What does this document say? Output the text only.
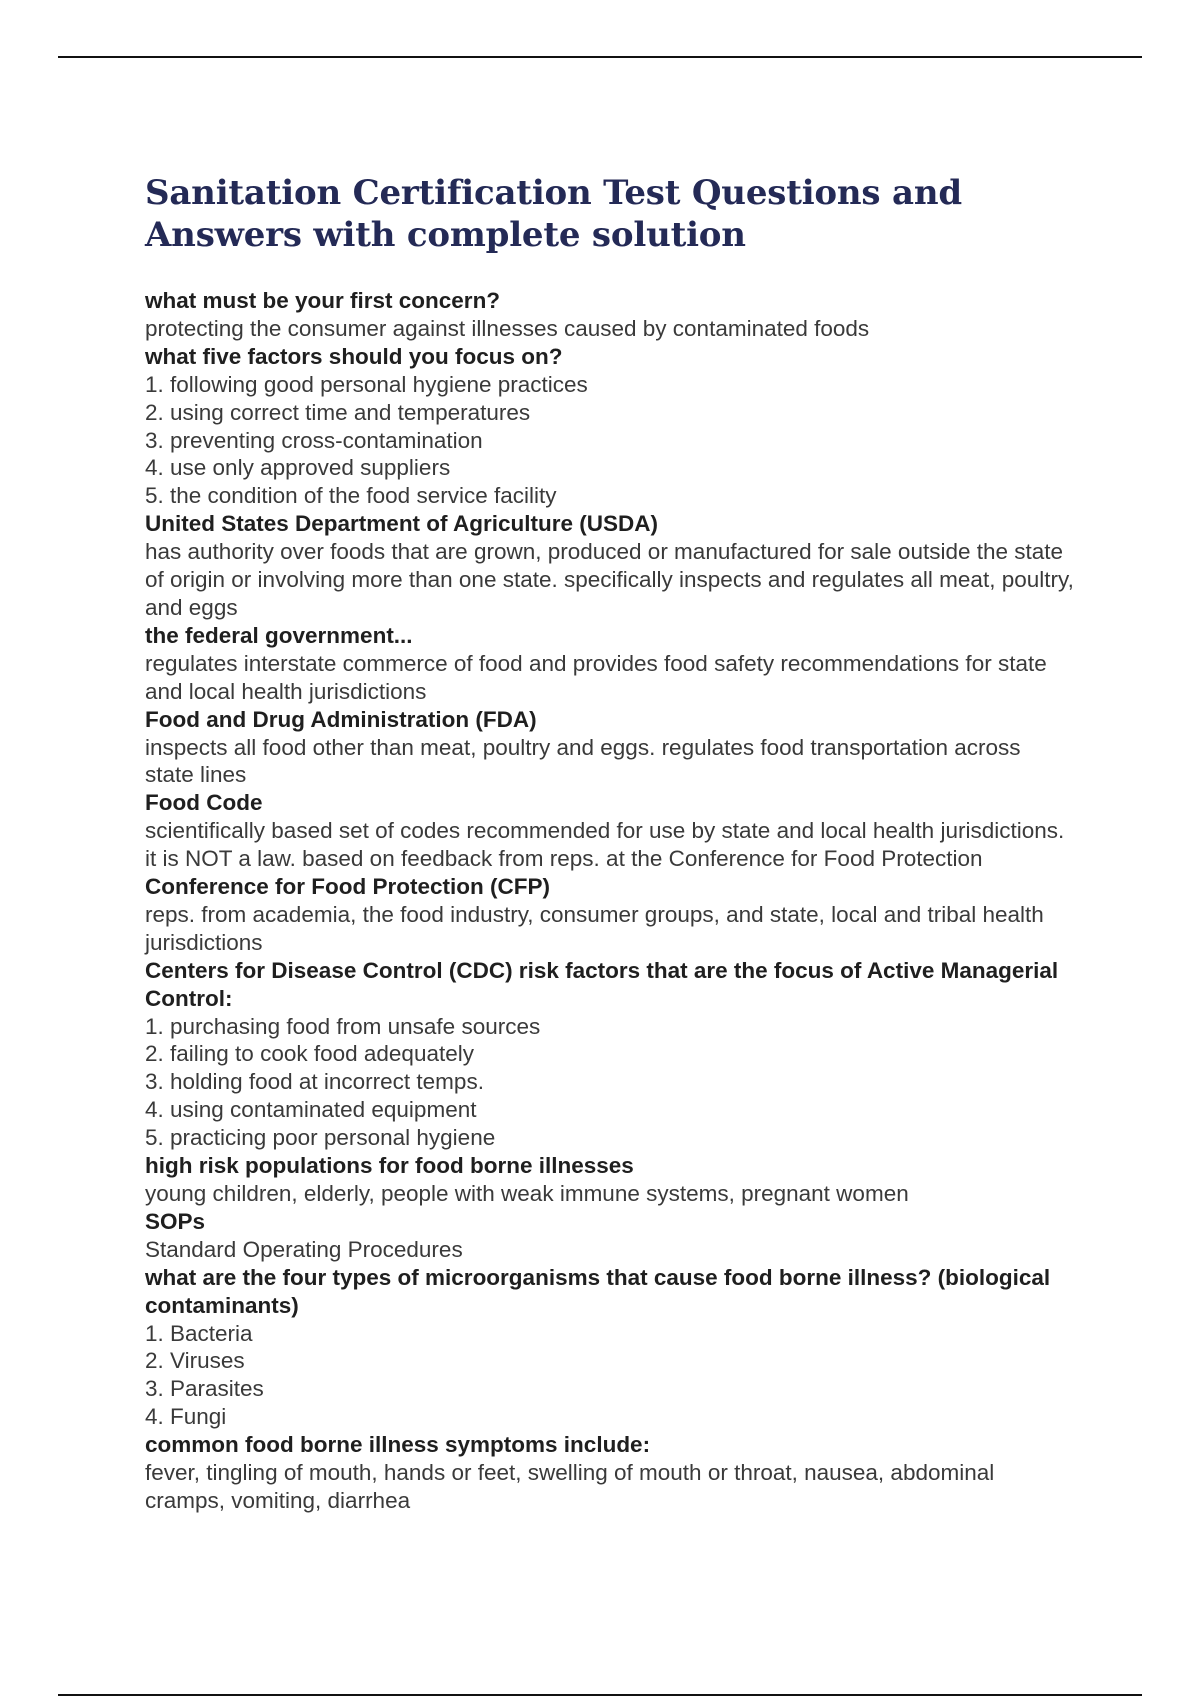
Sanitation Certification Test Questions and Answers with complete solution
what must be your first concern?
protecting the consumer against illnesses caused by contaminated foods
what five factors should you focus on?
1. following good personal hygiene practices
2. using correct time and temperatures
3. preventing cross-contamination
4. use only approved suppliers
5. the condition of the food service facility
United States Department of Agriculture (USDA)
has authority over foods that are grown, produced or manufactured for sale outside the state of origin or involving more than one state. specifically inspects and regulates all meat, poultry, and eggs
the federal government...
regulates interstate commerce of food and provides food safety recommendations for state and local health jurisdictions
Food and Drug Administration (FDA)
inspects all food other than meat, poultry and eggs. regulates food transportation across state lines
Food Code
scientifically based set of codes recommended for use by state and local health jurisdictions. it is NOT a law. based on feedback from reps. at the Conference for Food Protection
Conference for Food Protection (CFP)
reps. from academia, the food industry, consumer groups, and state, local and tribal health jurisdictions
Centers for Disease Control (CDC) risk factors that are the focus of Active Managerial Control:
1. purchasing food from unsafe sources
2. failing to cook food adequately
3. holding food at incorrect temps.
4. using contaminated equipment
5. practicing poor personal hygiene
high risk populations for food borne illnesses
young children, elderly, people with weak immune systems, pregnant women
SOPs
Standard Operating Procedures
what are the four types of microorganisms that cause food borne illness? (biological contaminants)
1. Bacteria
2. Viruses
3. Parasites
4. Fungi
common food borne illness symptoms include:
fever, tingling of mouth, hands or feet, swelling of mouth or throat, nausea, abdominal cramps, vomiting, diarrhea
